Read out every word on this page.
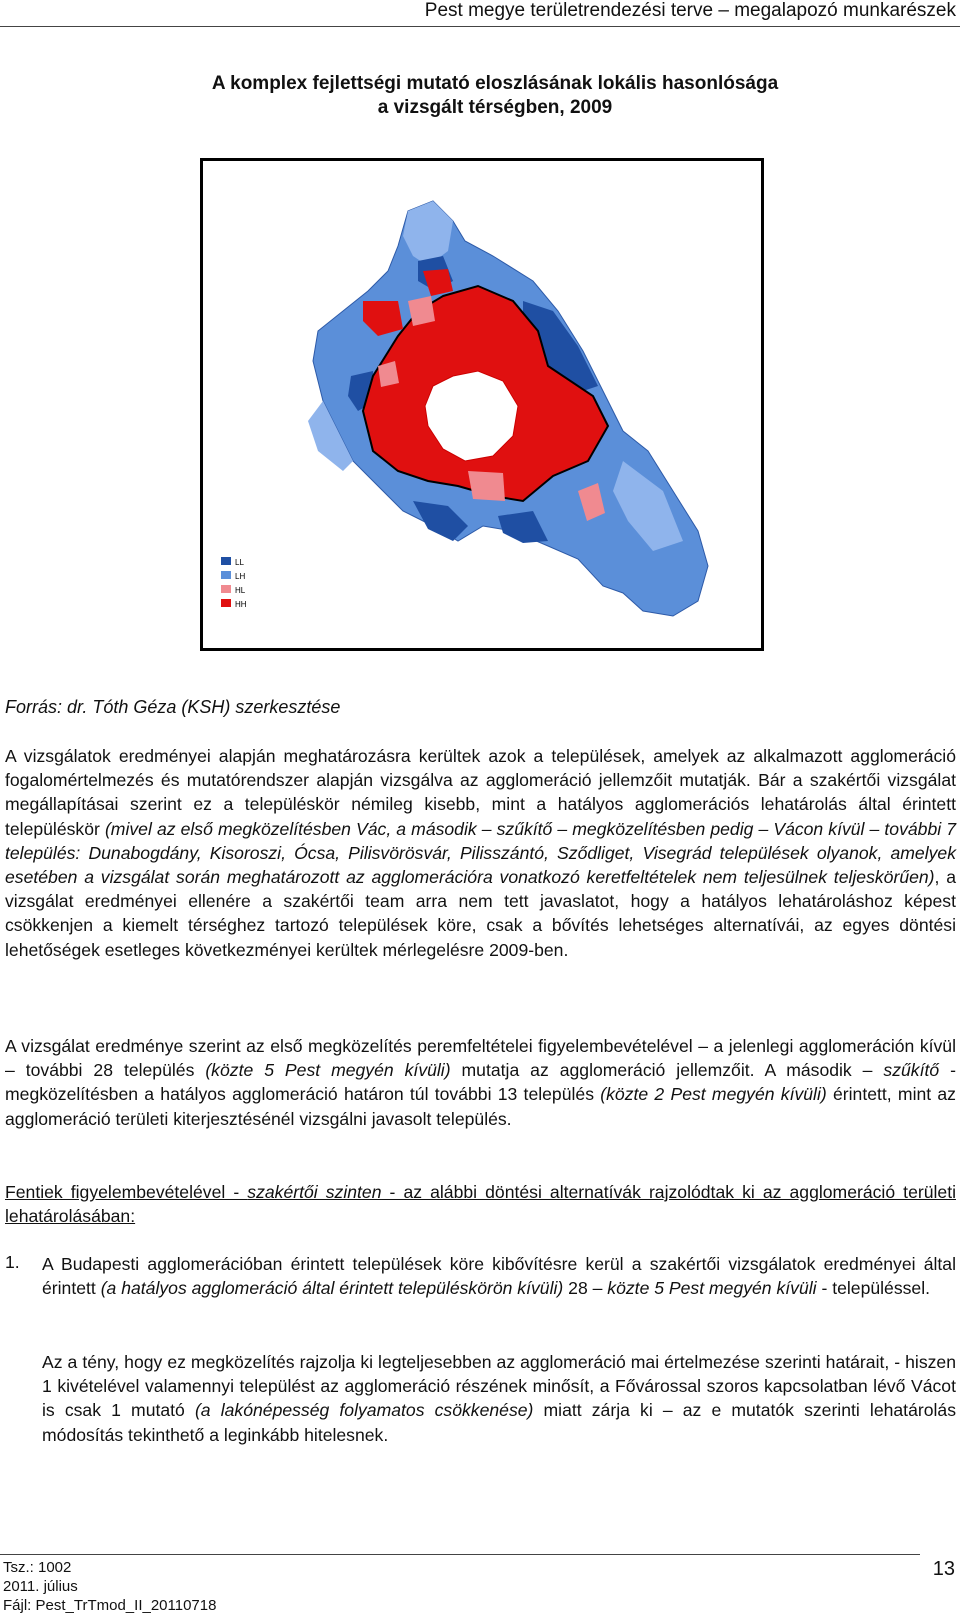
Pest megye területrendezési terve – megalapozó munkarészek
A komplex fejlettségi mutató eloszlásának lokális hasonlósága
a vizsgált térségben, 2009
LL
LH
HL
HH
Forrás: dr. Tóth Géza (KSH) szerkesztése
A vizsgálatok eredményei alapján meghatározásra kerültek azok a települések, amelyek az alkalmazott agglomeráció fogalomértelmezés és mutatórendszer alapján vizsgálva az agglomeráció jellemzőit mutatják. Bár a szakértői vizsgálat megállapításai szerint ez a településkör némileg kisebb, mint a hatályos agglomerációs lehatárolás által érintett településkör (mivel az első megközelítésben Vác, a második – szűkítő – megközelítésben pedig – Vácon kívül – további 7 település: Dunabogdány, Kisoroszi, Ócsa, Pilisvörösvár, Pilisszántó, Sződliget, Visegrád települések olyanok, amelyek esetében a vizsgálat során meghatározott az agglomerációra vonatkozó keretfeltételek nem teljesülnek teljeskörűen), a vizsgálat eredményei ellenére a szakértői team arra nem tett javaslatot, hogy a hatályos lehatároláshoz képest csökkenjen a kiemelt térséghez tartozó települések köre, csak a bővítés lehetséges alternatívái, az egyes döntési lehetőségek esetleges következményei kerültek mérlegelésre 2009-ben.
A vizsgálat eredménye szerint az első megközelítés peremfeltételei figyelembevételével – a jelenlegi agglomeráción kívül – további 28 település (közte 5 Pest megyén kívüli) mutatja az agglomeráció jellemzőit. A második – szűkítő - megközelítésben a hatályos agglomeráció határon túl további 13 település (közte 2 Pest megyén kívüli) érintett, mint az agglomeráció területi kiterjesztésénél vizsgálni javasolt település.
Fentiek figyelembevételével - szakértői szinten - az alábbi döntési alternatívák rajzolódtak ki az agglomeráció területi lehatárolásában:
1. A Budapesti agglomerációban érintett települések köre kibővítésre kerül a szakértői vizsgálatok eredményei által érintett (a hatályos agglomeráció által érintett településkörön kívüli) 28 – közte 5 Pest megyén kívüli - településsel.
Az a tény, hogy ez megközelítés rajzolja ki legteljesebben az agglomeráció mai értelmezése szerinti határait, - hiszen 1 kivételével valamennyi települést az agglomeráció részének minősít, a Fővárossal szoros kapcsolatban lévő Vácot is csak 1 mutató (a lakónépesség folyamatos csökkenése) miatt zárja ki – az e mutatók szerinti lehatárolás módosítás tekinthető a leginkább hitelesnek.
Tsz.: 1002
2011. július
Fájl: Pest_TrTmod_II_20110718
13
